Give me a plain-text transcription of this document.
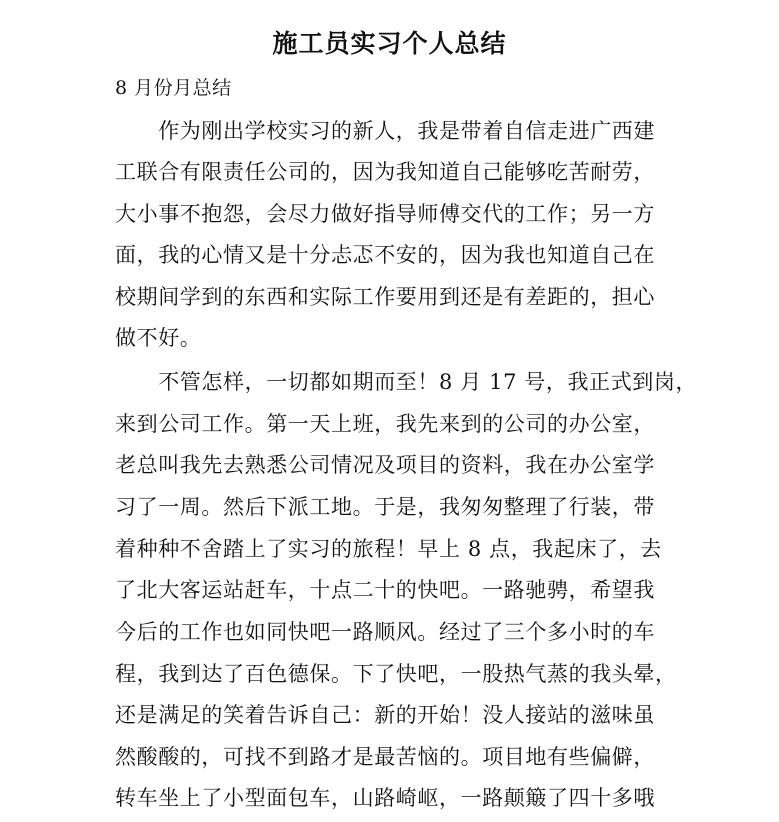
施工员实习个人总结
8 月份月总结
　　作为刚出学校实习的新人，我是带着自信走进广西建
工联合有限责任公司的，因为我知道自己能够吃苦耐劳，
大小事不抱怨，会尽力做好指导师傅交代的工作；另一方
面，我的心情又是十分忐忑不安的，因为我也知道自己在
校期间学到的东西和实际工作要用到还是有差距的，担心
做不好。
　　不管怎样，一切都如期而至！8 月 17 号，我正式到岗，
来到公司工作。第一天上班，我先来到的公司的办公室，
老总叫我先去熟悉公司情况及项目的资料，我在办公室学
习了一周。然后下派工地。于是，我匆匆整理了行装，带
着种种不舍踏上了实习的旅程！早上 8 点，我起床了，去
了北大客运站赶车，十点二十的快吧。一路驰骋，希望我
今后的工作也如同快吧一路顺风。经过了三个多小时的车
程，我到达了百色德保。下了快吧，一股热气蒸的我头晕，
还是满足的笑着告诉自己：新的开始！没人接站的滋味虽
然酸酸的，可找不到路才是最苦恼的。项目地有些偏僻，
转车坐上了小型面包车，山路崎岖，一路颠簸了四十多哦
